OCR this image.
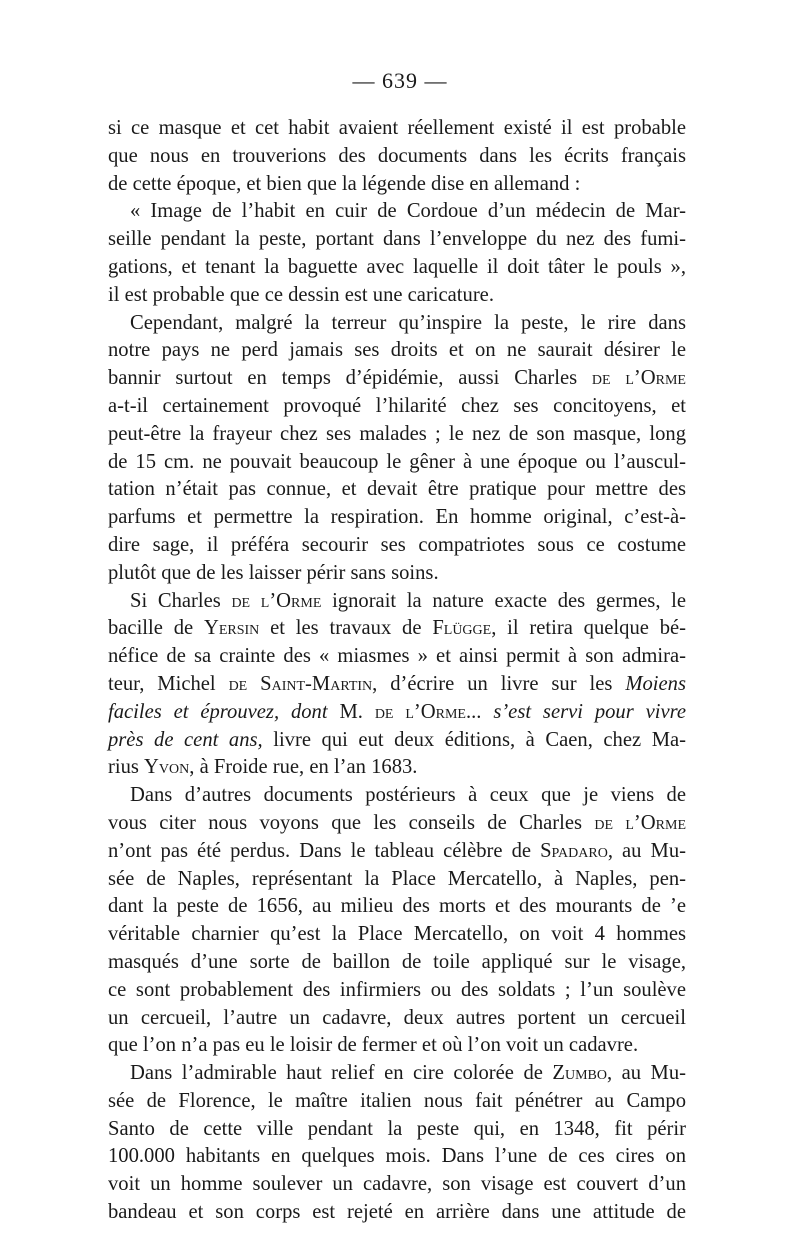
— 639 —
si ce masque et cet habit avaient réellement existé il est probable
que nous en trouverions des documents dans les écrits français
de cette époque, et bien que la légende dise en allemand :
« Image de l’habit en cuir de Cordoue d’un médecin de Mar-
seille pendant la peste, portant dans l’enveloppe du nez des fumi-
gations, et tenant la baguette avec laquelle il doit tâter le pouls »,
il est probable que ce dessin est une caricature.
Cependant, malgré la terreur qu’inspire la peste, le rire dans
notre pays ne perd jamais ses droits et on ne saurait désirer le
bannir surtout en temps d’épidémie, aussi Charles de l’Orme
a-t-il certainement provoqué l’hilarité chez ses concitoyens, et
peut-être la frayeur chez ses malades ; le nez de son masque, long
de 15 cm. ne pouvait beaucoup le gêner à une époque ou l’auscul-
tation n’était pas connue, et devait être pratique pour mettre des
parfums et permettre la respiration. En homme original, c’est-à-
dire sage, il préféra secourir ses compatriotes sous ce costume
plutôt que de les laisser périr sans soins.
Si Charles de l’Orme ignorait la nature exacte des germes, le
bacille de Yersin et les travaux de Flügge, il retira quelque bé-
néfice de sa crainte des « miasmes » et ainsi permit à son admira-
teur, Michel de Saint-Martin, d’écrire un livre sur les Moiens
faciles et éprouvez, dont M. de l’Orme... s’est servi pour vivre
près de cent ans, livre qui eut deux éditions, à Caen, chez Ma-
rius Yvon, à Froide rue, en l’an 1683.
Dans d’autres documents postérieurs à ceux que je viens de
vous citer nous voyons que les conseils de Charles de l’Orme
n’ont pas été perdus. Dans le tableau célèbre de Spadaro, au Mu-
sée de Naples, représentant la Place Mercatello, à Naples, pen-
dant la peste de 1656, au milieu des morts et des mourants de ’e
véritable charnier qu’est la Place Mercatello, on voit 4 hommes
masqués d’une sorte de baillon de toile appliqué sur le visage,
ce sont probablement des infirmiers ou des soldats ; l’un soulève
un cercueil, l’autre un cadavre, deux autres portent un cercueil
que l’on n’a pas eu le loisir de fermer et où l’on voit un cadavre.
Dans l’admirable haut relief en cire colorée de Zumbo, au Mu-
sée de Florence, le maître italien nous fait pénétrer au Campo
Santo de cette ville pendant la peste qui, en 1348, fit périr
100.000 habitants en quelques mois. Dans l’une de ces cires on
voit un homme soulever un cadavre, son visage est couvert d’un
bandeau et son corps est rejeté en arrière dans une attitude de
